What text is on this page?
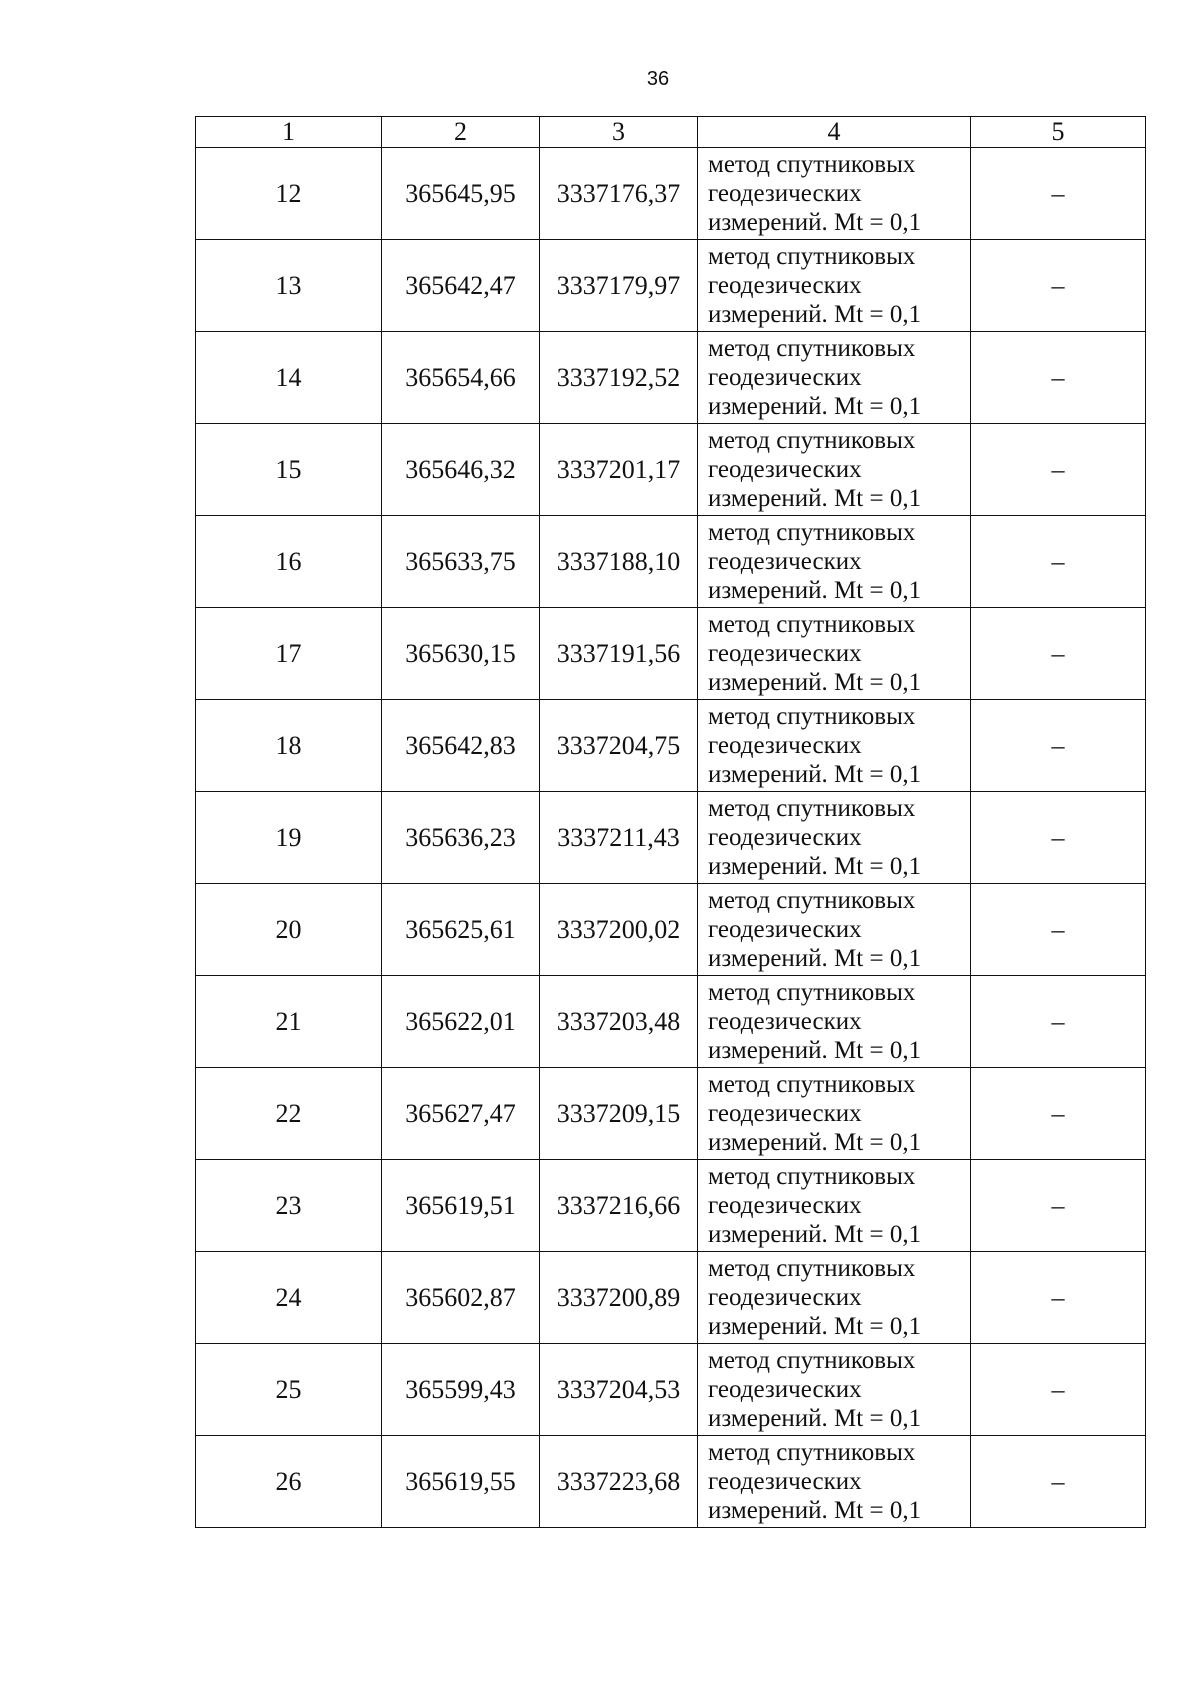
36
1	2	3	4	5
12	365645,95	3337176,37	метод спутниковых
геодезических
измерений. Mt = 0,1	–
13	365642,47	3337179,97	метод спутниковых
геодезических
измерений. Mt = 0,1	–
14	365654,66	3337192,52	метод спутниковых
геодезических
измерений. Mt = 0,1	–
15	365646,32	3337201,17	метод спутниковых
геодезических
измерений. Mt = 0,1	–
16	365633,75	3337188,10	метод спутниковых
геодезических
измерений. Mt = 0,1	–
17	365630,15	3337191,56	метод спутниковых
геодезических
измерений. Mt = 0,1	–
18	365642,83	3337204,75	метод спутниковых
геодезических
измерений. Mt = 0,1	–
19	365636,23	3337211,43	метод спутниковых
геодезических
измерений. Mt = 0,1	–
20	365625,61	3337200,02	метод спутниковых
геодезических
измерений. Mt = 0,1	–
21	365622,01	3337203,48	метод спутниковых
геодезических
измерений. Mt = 0,1	–
22	365627,47	3337209,15	метод спутниковых
геодезических
измерений. Mt = 0,1	–
23	365619,51	3337216,66	метод спутниковых
геодезических
измерений. Mt = 0,1	–
24	365602,87	3337200,89	метод спутниковых
геодезических
измерений. Mt = 0,1	–
25	365599,43	3337204,53	метод спутниковых
геодезических
измерений. Mt = 0,1	–
26	365619,55	3337223,68	метод спутниковых
геодезических
измерений. Mt = 0,1	–
